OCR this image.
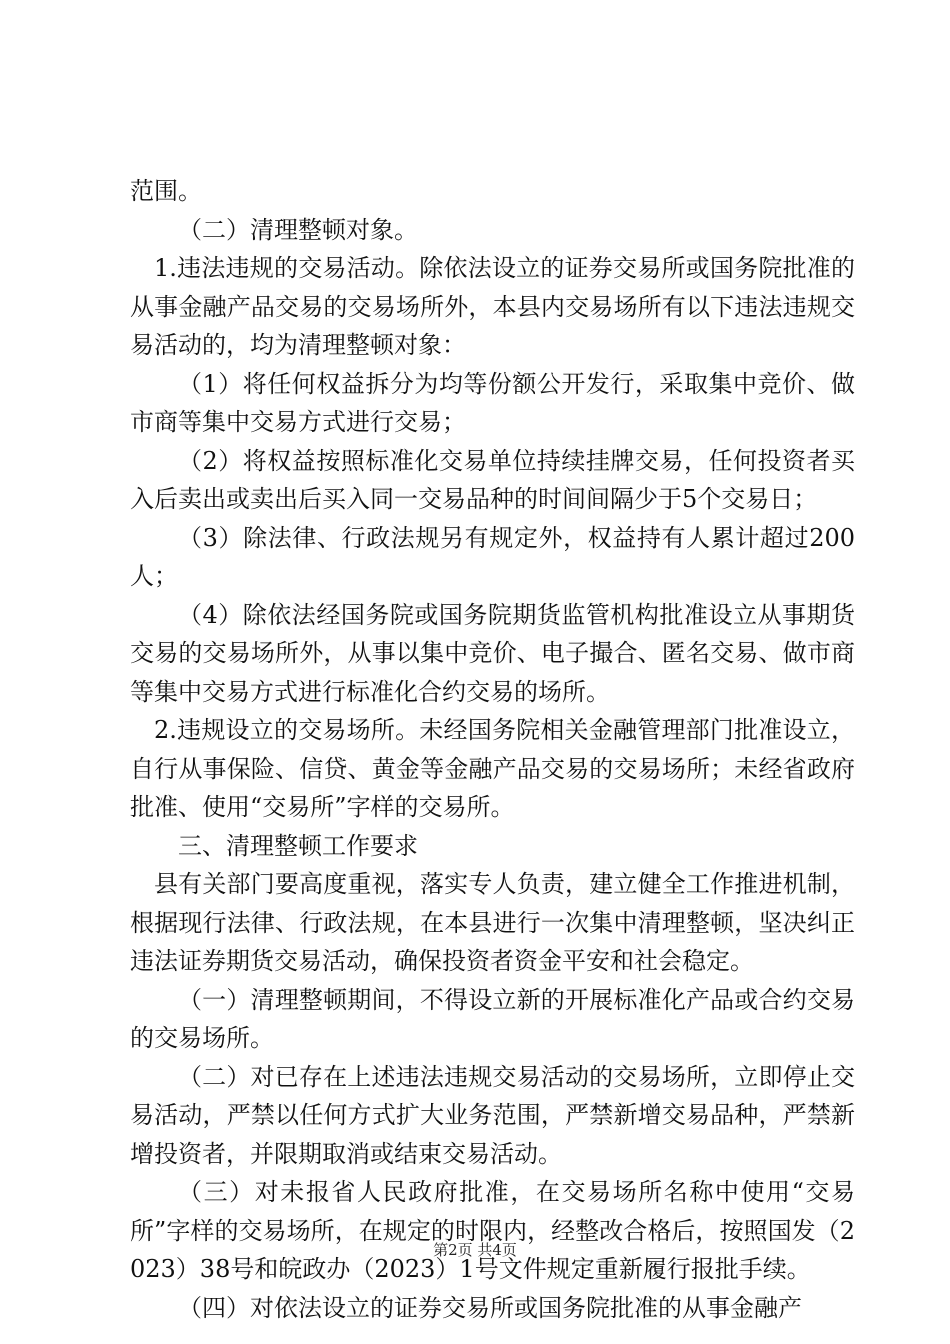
范围。

（二）清理整顿对象。

1.违法违规的交易活动。除依法设立的证券交易所或国务院批准的从事金融产品交易的交易场所外，本县内交易场所有以下违法违规交易活动的，均为清理整顿对象：

（1）将任何权益拆分为均等份额公开发行，采取集中竞价、做市商等集中交易方式进行交易；

（2）将权益按照标准化交易单位持续挂牌交易，任何投资者买入后卖出或卖出后买入同一交易品种的时间间隔少于5个交易日；

（3）除法律、行政法规另有规定外，权益持有人累计超过200人；

（4）除依法经国务院或国务院期货监管机构批准设立从事期货交易的交易场所外，从事以集中竞价、电子撮合、匿名交易、做市商等集中交易方式进行标准化合约交易的场所。

2.违规设立的交易场所。未经国务院相关金融管理部门批准设立，自行从事保险、信贷、黄金等金融产品交易的交易场所；未经省政府批准、使用“交易所”字样的交易所。

三、清理整顿工作要求

县有关部门要高度重视，落实专人负责，建立健全工作推进机制，根据现行法律、行政法规，在本县进行一次集中清理整顿，坚决纠正违法证券期货交易活动，确保投资者资金平安和社会稳定。

（一）清理整顿期间，不得设立新的开展标准化产品或合约交易的交易场所。

（二）对已存在上述违法违规交易活动的交易场所，立即停止交易活动，严禁以任何方式扩大业务范围，严禁新增交易品种，严禁新增投资者，并限期取消或结束交易活动。

（三）对未报省人民政府批准，在交易场所名称中使用“交易所”字样的交易场所，在规定的时限内，经整改合格后，按照国发（2023）38号和皖政办（2023）1号文件规定重新履行报批手续。

（四）对依法设立的证券交易所或国务院批准的从事金融产

第2页 共4页
